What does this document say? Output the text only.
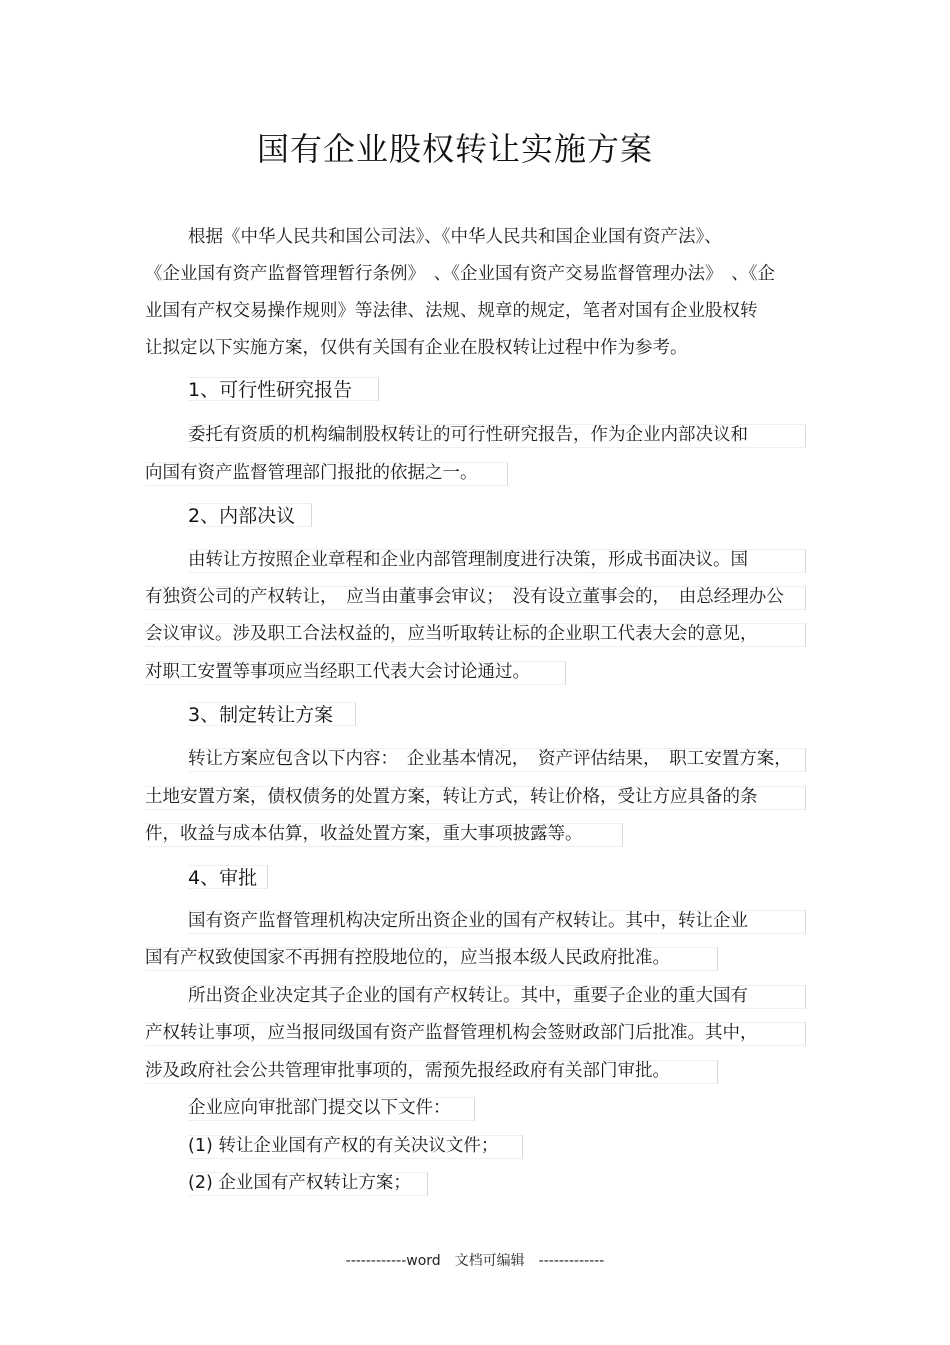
国有企业股权转让实施方案
根据《中华人民共和国公司法》、《中华人民共和国企业国有资产法》、
《企业国有资产监督管理暂行条例》　、《企业国有资产交易监督管理办法》　、《企
业国有产权交易操作规则》等法律、法规、规章的规定，笔者对国有企业股权转
让拟定以下实施方案，仅供有关国有企业在股权转让过程中作为参考。
1、可行性研究报告
委托有资质的机构编制股权转让的可行性研究报告，作为企业内部决议和
向国有资产监督管理部门报批的依据之一。
2、内部决议
由转让方按照企业章程和企业内部管理制度进行决策，形成书面决议。国
有独资公司的产权转让，　应当由董事会审议；　没有设立董事会的，　由总经理办公
会议审议。涉及职工合法权益的，应当听取转让标的企业职工代表大会的意见，
对职工安置等事项应当经职工代表大会讨论通过。
3、制定转让方案
转让方案应包含以下内容：　企业基本情况，　资产评估结果，　职工安置方案，
土地安置方案，债权债务的处置方案，转让方式，转让价格，受让方应具备的条
件，收益与成本估算，收益处置方案，重大事项披露等。
4、审批
国有资产监督管理机构决定所出资企业的国有产权转让。其中，转让企业
国有产权致使国家不再拥有控股地位的，应当报本级人民政府批准。
所出资企业决定其子企业的国有产权转让。其中，重要子企业的重大国有
产权转让事项，应当报同级国有资产监督管理机构会签财政部门后批准。其中，
涉及政府社会公共管理审批事项的，需预先报经政府有关部门审批。
企业应向审批部门提交以下文件：
(1) 转让企业国有产权的有关决议文件；
(2) 企业国有产权转让方案；
------------word　文档可编辑　-------------
